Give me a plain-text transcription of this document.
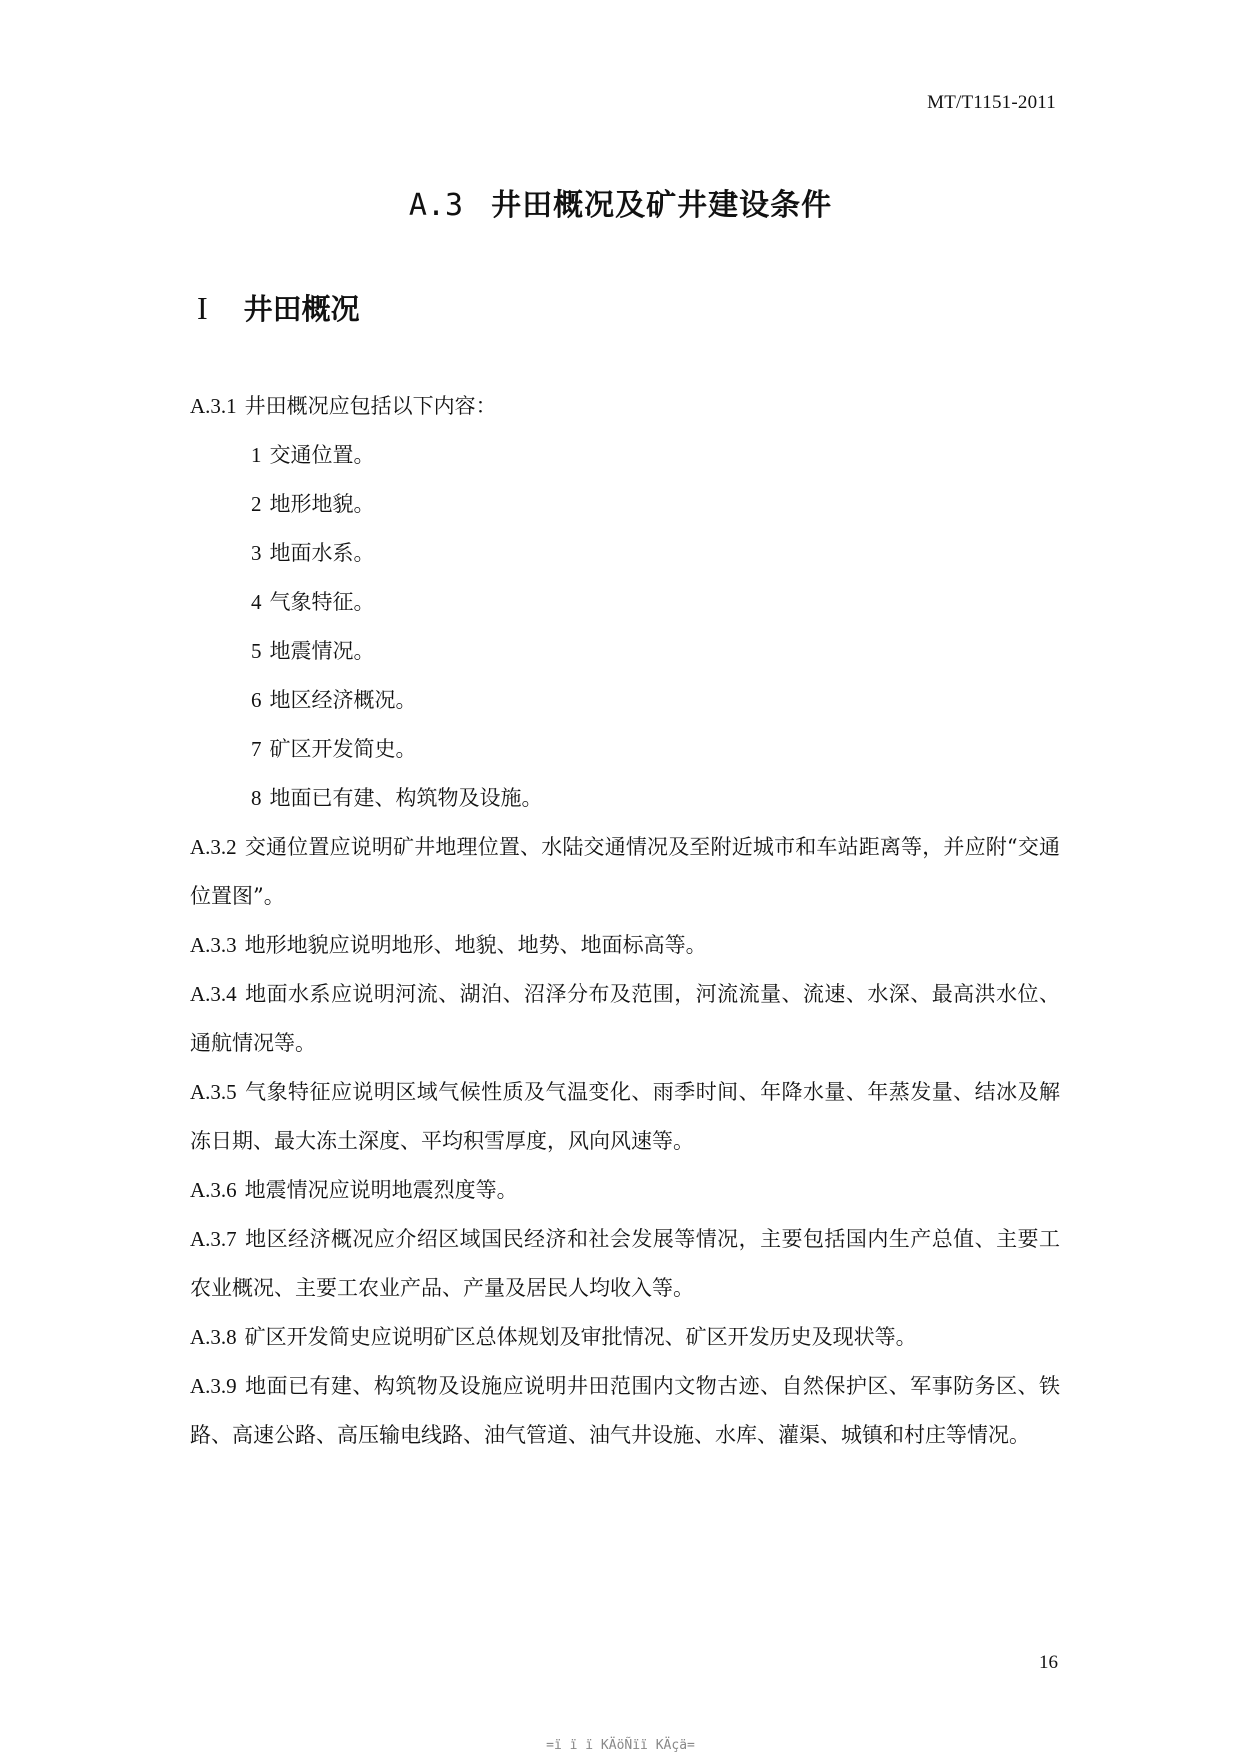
MT/T1151-2011
A.3 井田概况及矿井建设条件
I 井田概况

A.3.1 井田概况应包括以下内容：

1 交通位置。

2 地形地貌。

3 地面水系。

4 气象特征。

5 地震情况。

6 地区经济概况。

7 矿区开发简史。

8 地面已有建、构筑物及设施。

A.3.2 交通位置应说明矿井地理位置、水陆交通情况及至附近城市和车站距离等，并应附“交通位置图”。

A.3.3 地形地貌应说明地形、地貌、地势、地面标高等。

A.3.4 地面水系应说明河流、湖泊、沼泽分布及范围，河流流量、流速、水深、最高洪水位、通航情况等。

A.3.5 气象特征应说明区域气候性质及气温变化、雨季时间、年降水量、年蒸发量、结冰及解冻日期、最大冻土深度、平均积雪厚度，风向风速等。

A.3.6 地震情况应说明地震烈度等。

A.3.7 地区经济概况应介绍区域国民经济和社会发展等情况，主要包括国内生产总值、主要工农业概况、主要工农业产品、产量及居民人均收入等。

A.3.8 矿区开发简史应说明矿区总体规划及审批情况、矿区开发历史及现状等。

A.3.9 地面已有建、构筑物及设施应说明井田范围内文物古迹、自然保护区、军事防务区、铁路、高速公路、高压输电线路、油气管道、油气井设施、水库、灌渠、城镇和村庄等情况。

16
=ï ï ï KÄöÑïï KÄçä=
